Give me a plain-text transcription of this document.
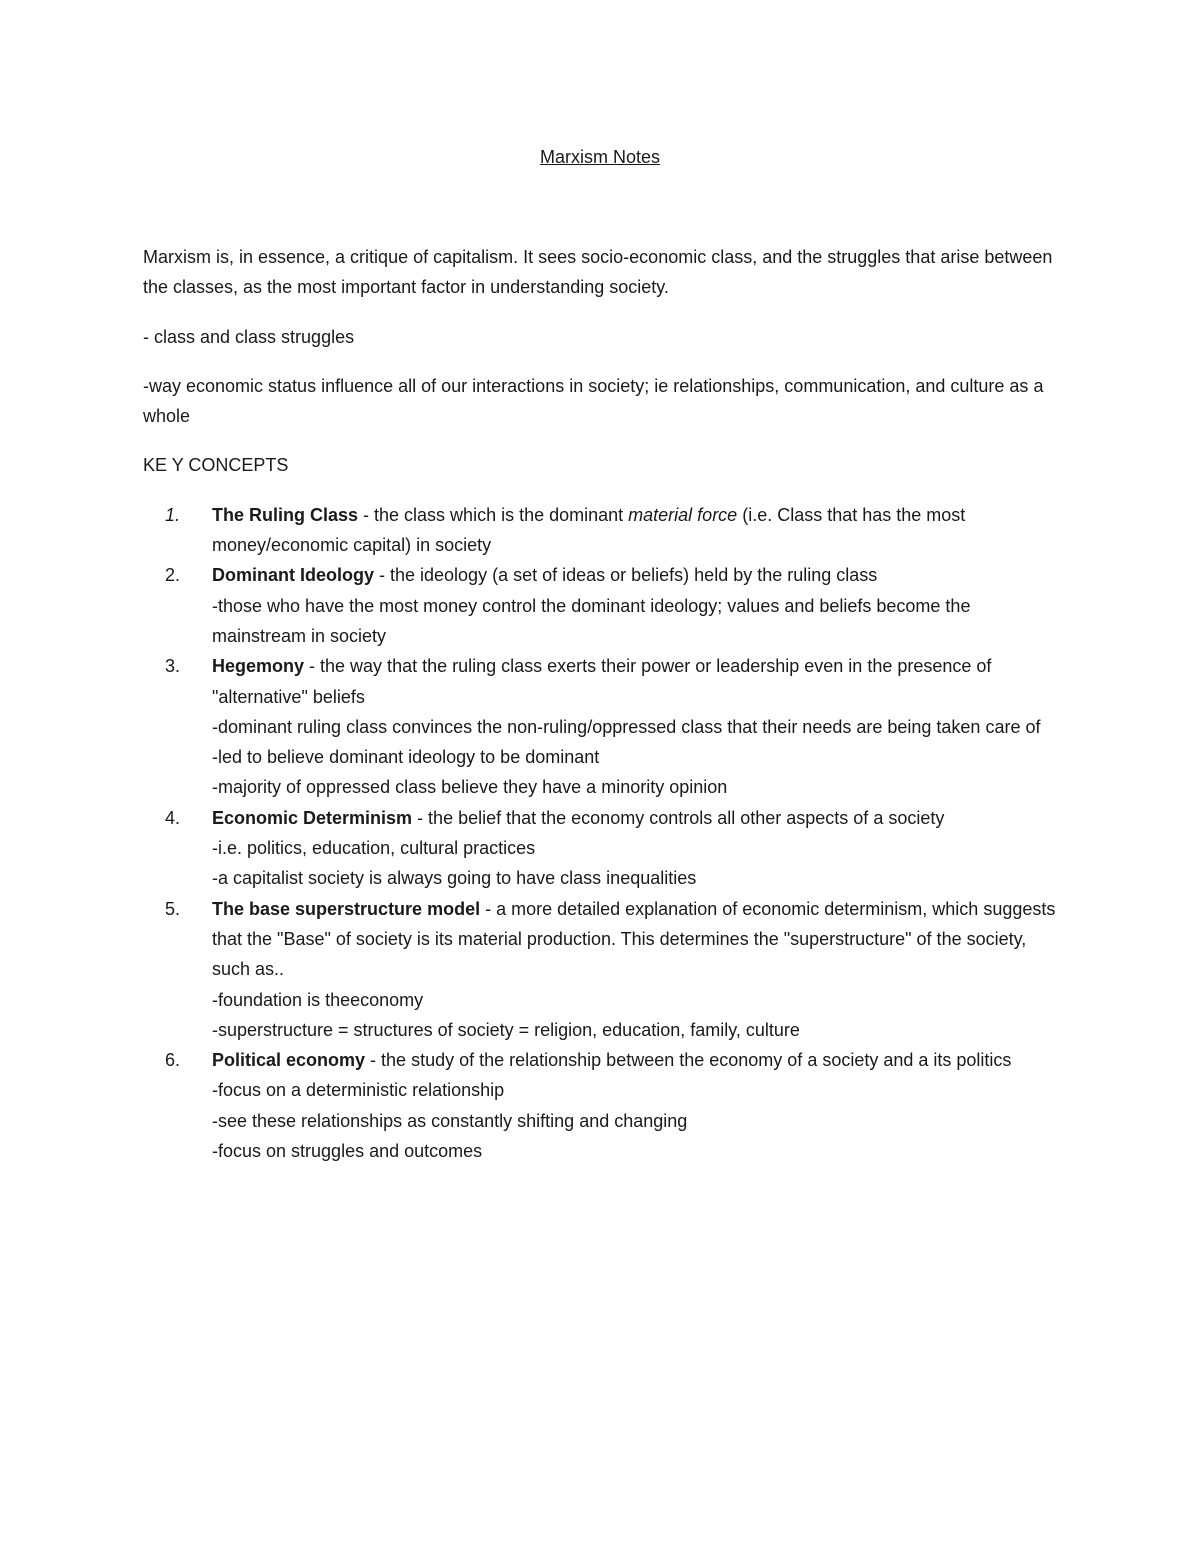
Marxism Notes

Marxism is, in essence, a critique of capitalism. It sees socio-economic class, and the struggles that arise between the classes, as the most important factor in understanding society.

- class and class struggles

-way economic status influence all of our interactions in society; ie relationships, communication, and culture as a whole

KE Y CONCEPTS

1.	The Ruling Class - the class which is the dominant material force (i.e. Class that has the most money/economic capital) in society
2.	Dominant Ideology - the ideology (a set of ideas or beliefs) held by the ruling class
-those who have the most money control the dominant ideology; values and beliefs become the mainstream in society
3.	Hegemony - the way that the ruling class exerts their power or leadership even in the presence of "alternative" beliefs
-dominant ruling class convinces the non-ruling/oppressed class that their needs are being taken care of
-led to believe dominant ideology to be dominant
-majority of oppressed class believe they have a minority opinion
4.	Economic Determinism - the belief that the economy controls all other aspects of a society
-i.e. politics, education, cultural practices
-a capitalist society is always going to have class inequalities
5.	The base superstructure model - a more detailed explanation of economic determinism, which suggests that the "Base" of society is its material production. This determines the "superstructure" of the society, such as..
-foundation is theeconomy
-superstructure = structures of society = religion, education, family, culture
6.	Political economy - the study of the relationship between the economy of a society and a its politics
-focus on a deterministic relationship
-see these relationships as constantly shifting and changing
-focus on struggles and outcomes
